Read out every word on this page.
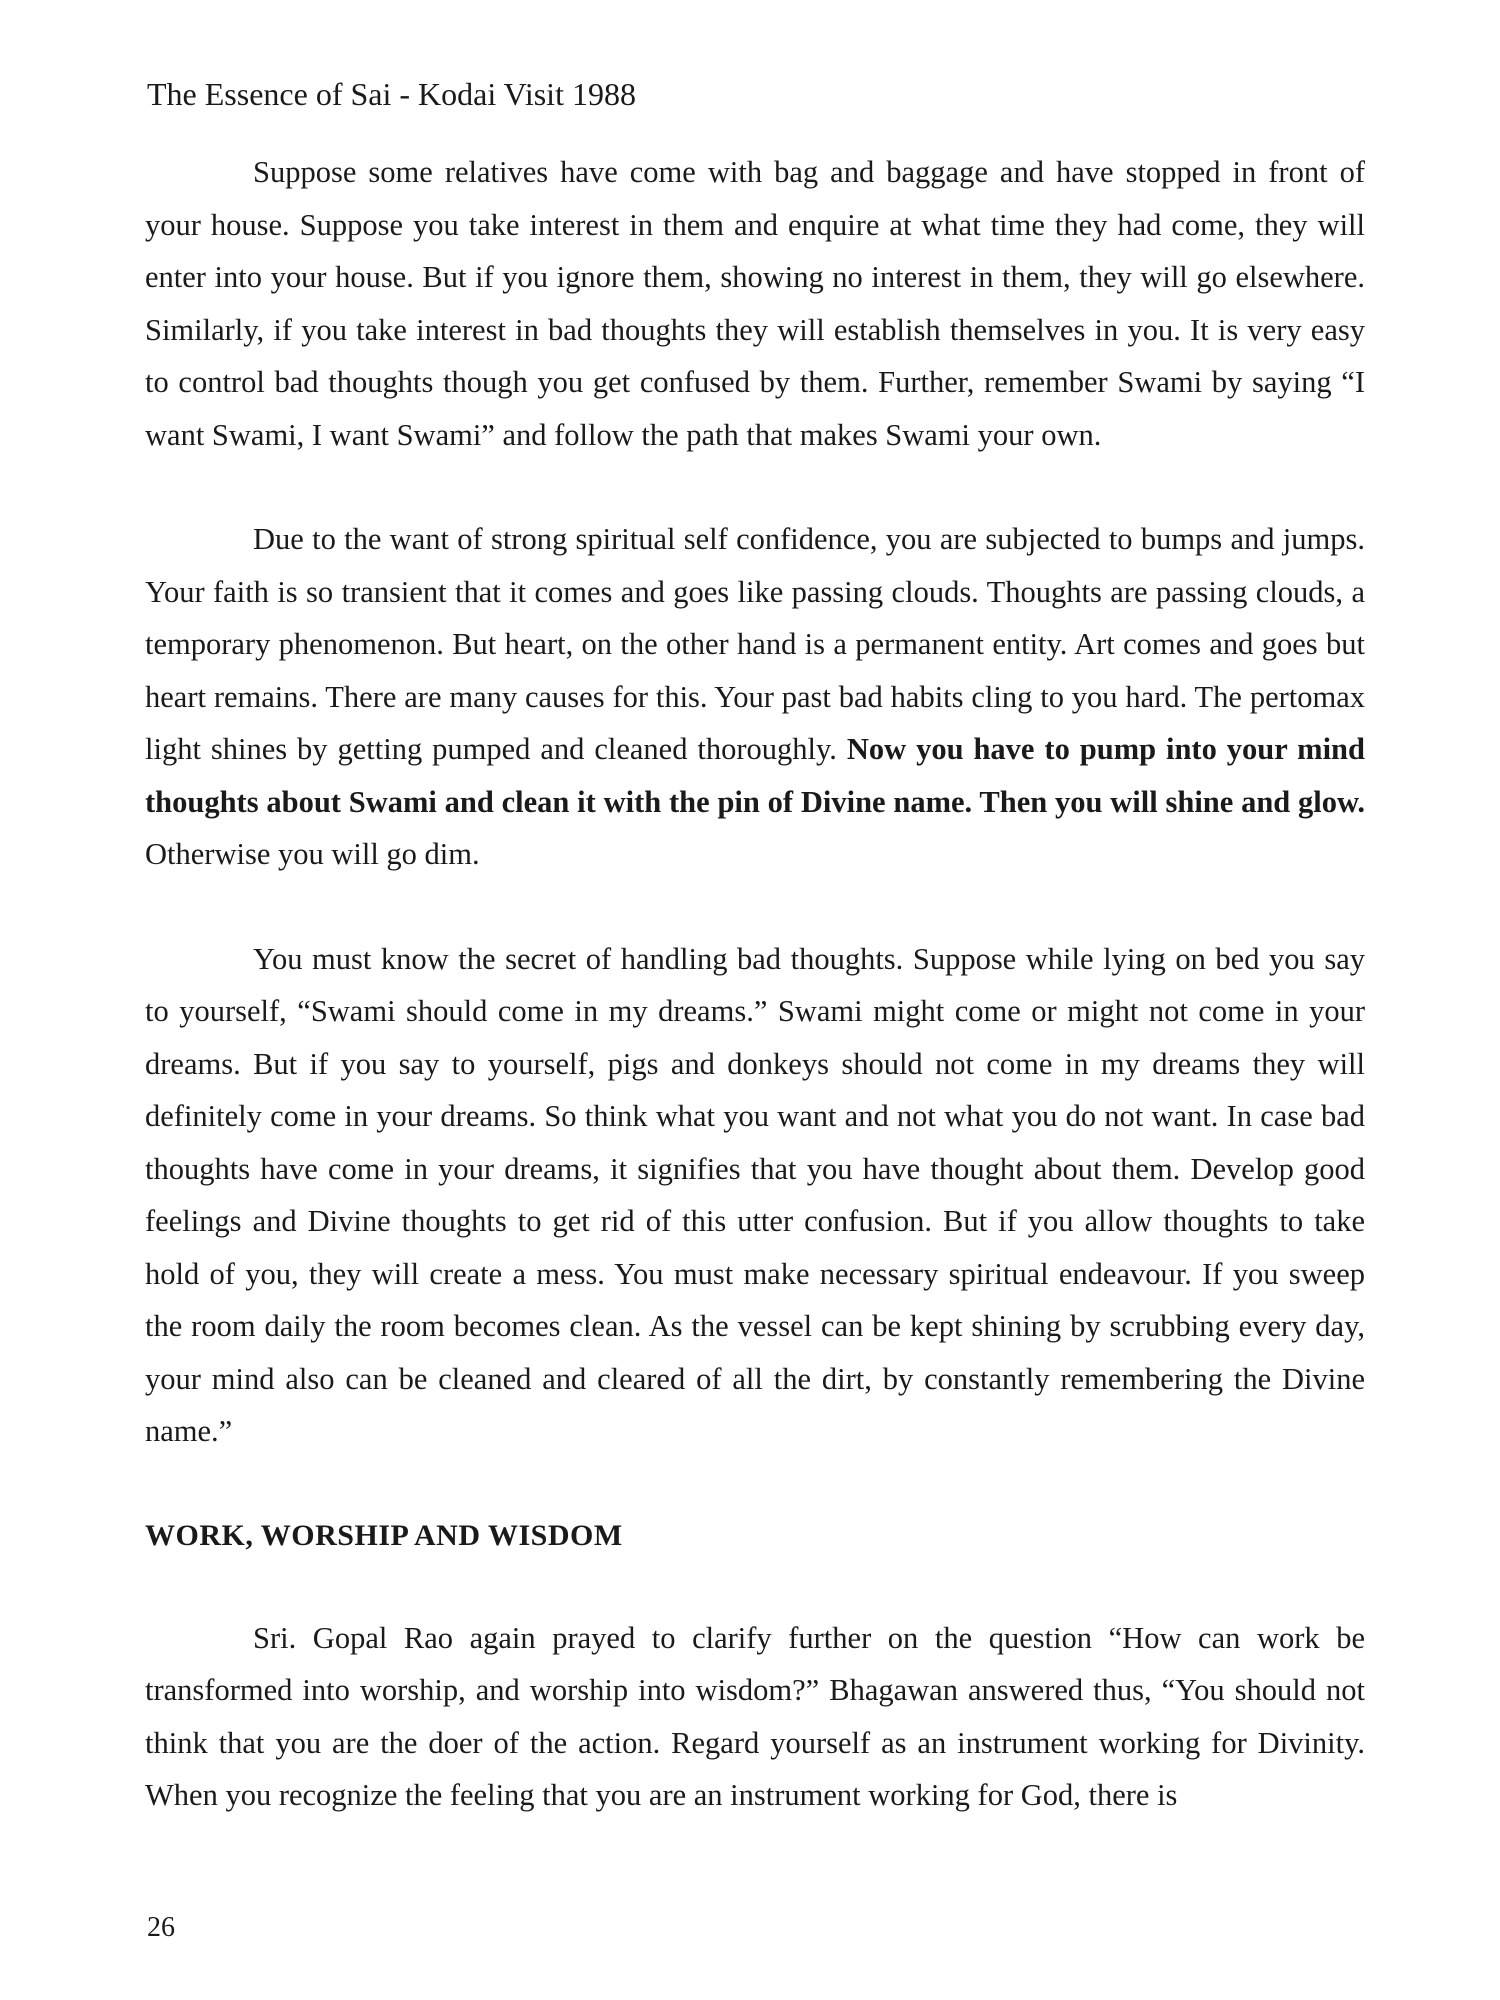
The Essence of Sai - Kodai Visit 1988

Suppose some relatives have come with bag and baggage and have stopped in front of your house. Suppose you take interest in them and enquire at what time they had come, they will enter into your house. But if you ignore them, showing no interest in them, they will go elsewhere. Similarly, if you take interest in bad thoughts they will establish themselves in you. It is very easy to control bad thoughts though you get confused by them. Further, remember Swami by saying “I want Swami, I want Swami” and follow the path that makes Swami your own.

Due to the want of strong spiritual self confidence, you are subjected to bumps and jumps. Your faith is so transient that it comes and goes like passing clouds. Thoughts are passing clouds, a temporary phenomenon. But heart, on the other hand is a permanent entity. Art comes and goes but heart remains. There are many causes for this. Your past bad habits cling to you hard. The pertomax light shines by getting pumped and cleaned thoroughly. Now you have to pump into your mind thoughts about Swami and clean it with the pin of Divine name. Then you will shine and glow. Otherwise you will go dim.

You must know the secret of handling bad thoughts. Suppose while lying on bed you say to yourself, “Swami should come in my dreams.” Swami might come or might not come in your dreams. But if you say to yourself, pigs and donkeys should not come in my dreams they will definitely come in your dreams. So think what you want and not what you do not want. In case bad thoughts have come in your dreams, it signifies that you have thought about them. Develop good feelings and Divine thoughts to get rid of this utter confusion. But if you allow thoughts to take hold of you, they will create a mess. You must make necessary spiritual endeavour. If you sweep the room daily the room becomes clean. As the vessel can be kept shining by scrubbing every day, your mind also can be cleaned and cleared of all the dirt, by constantly remembering the Divine name.”

WORK, WORSHIP AND WISDOM

Sri. Gopal Rao again prayed to clarify further on the question “How can work be transformed into worship, and worship into wisdom?” Bhagawan answered thus, “You should not think that you are the doer of the action. Regard yourself as an instrument working for Divinity. When you recognize the feeling that you are an instrument working for God, there is

26
